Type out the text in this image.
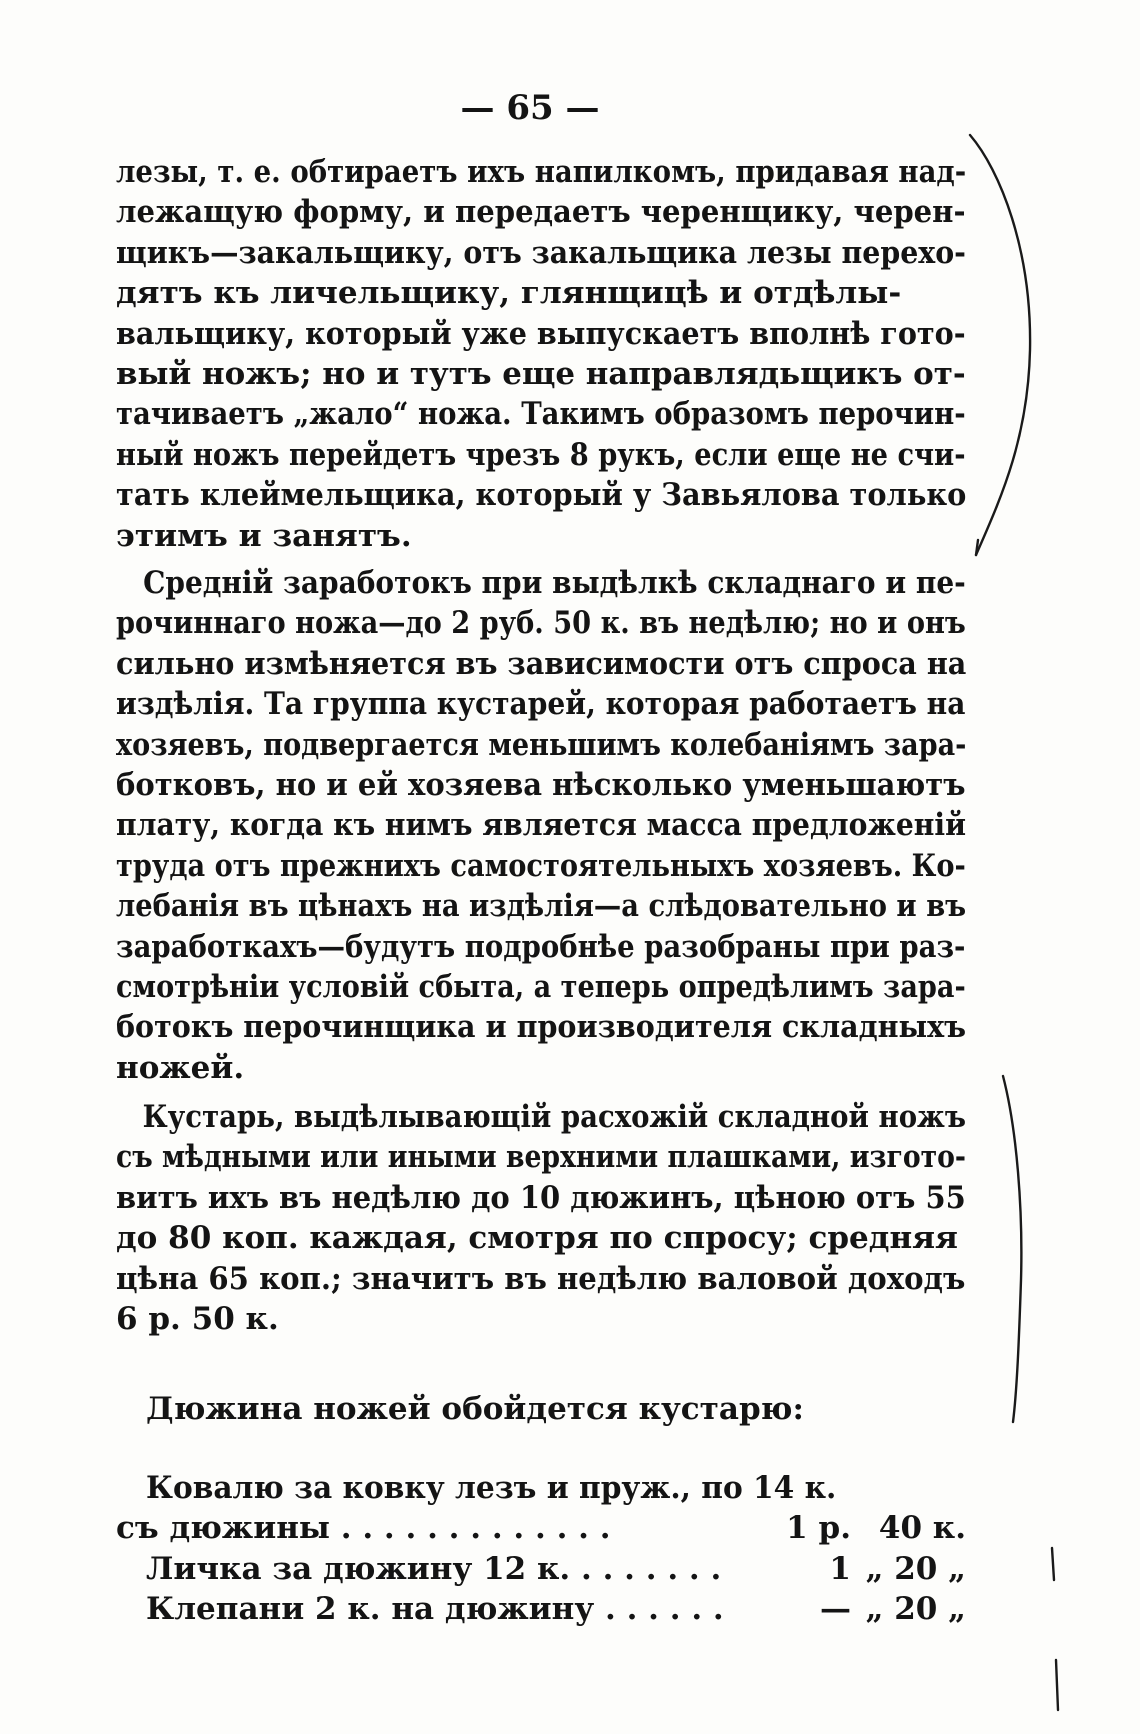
— 65 —
лезы, т. е. обтираетъ ихъ напилкомъ, придавая над- лежащую форму, и передаетъ черенщику, черен- щикъ—закальщику, отъ закальщика лезы перехо-
дятъ къ личельщику, глянщицѣ и отдѣлы-
вальщику, который уже выпускаетъ вполнѣ гото- вый ножъ; но и тутъ еще направлядьщикъ от- тачиваетъ „жало“ ножа. Такимъ образомъ перочин- ный ножъ перейдетъ чрезъ 8 рукъ, если еще не счи- тать клеймельщика, который у Завьялова только
этимъ и занятъ.
Среднiй заработокъ при выдѣлкѣ складнаго и пе- рочиннаго ножа—до 2 руб. 50 к. въ недѣлю; но и онъ сильно измѣняется въ зависимости отъ спроса на издѣлія. Та группа кустарей, которая работаетъ на хозяевъ, подвергается меньшимъ колебаніямъ зара- ботковъ, но и ей хозяева нѣсколько уменьшаютъ плату, когда къ нимъ является масса предложенiй труда отъ прежнихъ самостоятельныхъ хозяевъ. Ко- лебанія въ цѣнахъ на издѣлія—а слѣдовательно и въ заработкахъ—будутъ подробнѣе разобраны при раз- смотрѣніи условiй сбыта, а теперь опредѣлимъ зара- ботокъ перочинщика и производителя складныхъ
ножей.
Кустарь, выдѣлывающiй расхожiй складной ножъ съ мѣдными или иными верхними плашками, изгото- витъ ихъ въ недѣлю до 10 дюжинъ, цѣною отъ 55
до 80 коп. каждая, смотря по спросу; средняя
цѣна 65 коп.; значитъ въ недѣлю валовой доходъ
6 р. 50 к.
Дюжина ножей обойдется кустарю:
Ковалю за ковку лезъ и пруж., по 14 к.
съ дюжины . . . . . . . . . . . . .	1 р. 40 к.
Личка за дюжину 12 к. . . . . . . .	1 „ 20 „
Клепани 2 к. на дюжину . . . . . .	— „ 20 „
